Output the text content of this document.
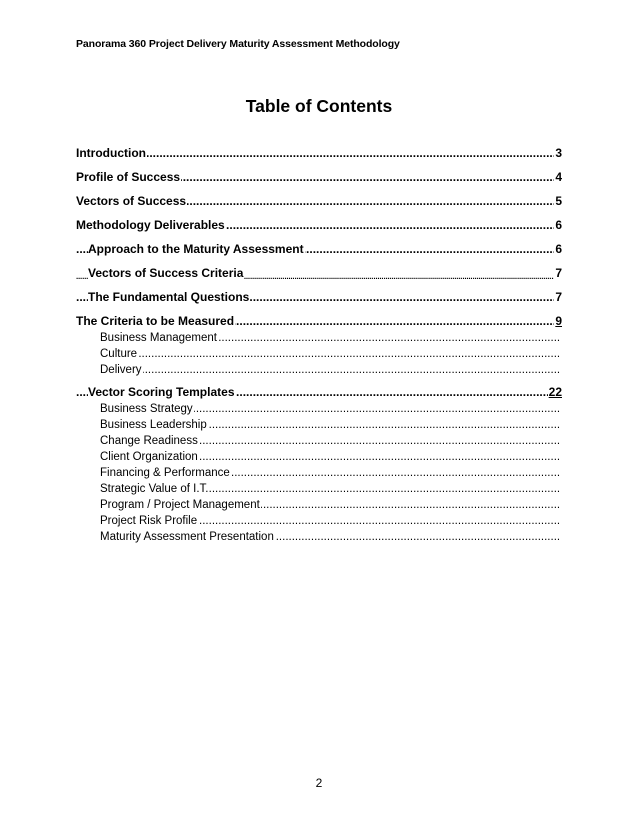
Panorama 360 Project Delivery Maturity Assessment Methodology
Table of Contents
Introduction	3
.....
Profile of Success	4
.....
Vectors of Success	5
.....
Methodology Deliverables	6
.....
Approach to the Maturity Assessment	6
.....
Vectors of Success Criteria	7
.....
The Fundamental Questions	7
.....
The Criteria to be Measured	9
.....
Business Management
.....
Culture
.....
Delivery
.....
Vector Scoring Templates	22
.....
Business Strategy
.....
Business Leadership
.....
Change Readiness
.....
Client Organization
.....
Financing & Performance
.....
Strategic Value of I.T.
.....
Program / Project Management
.....
Project Risk Profile
.....
Maturity Assessment Presentation
.....
2
